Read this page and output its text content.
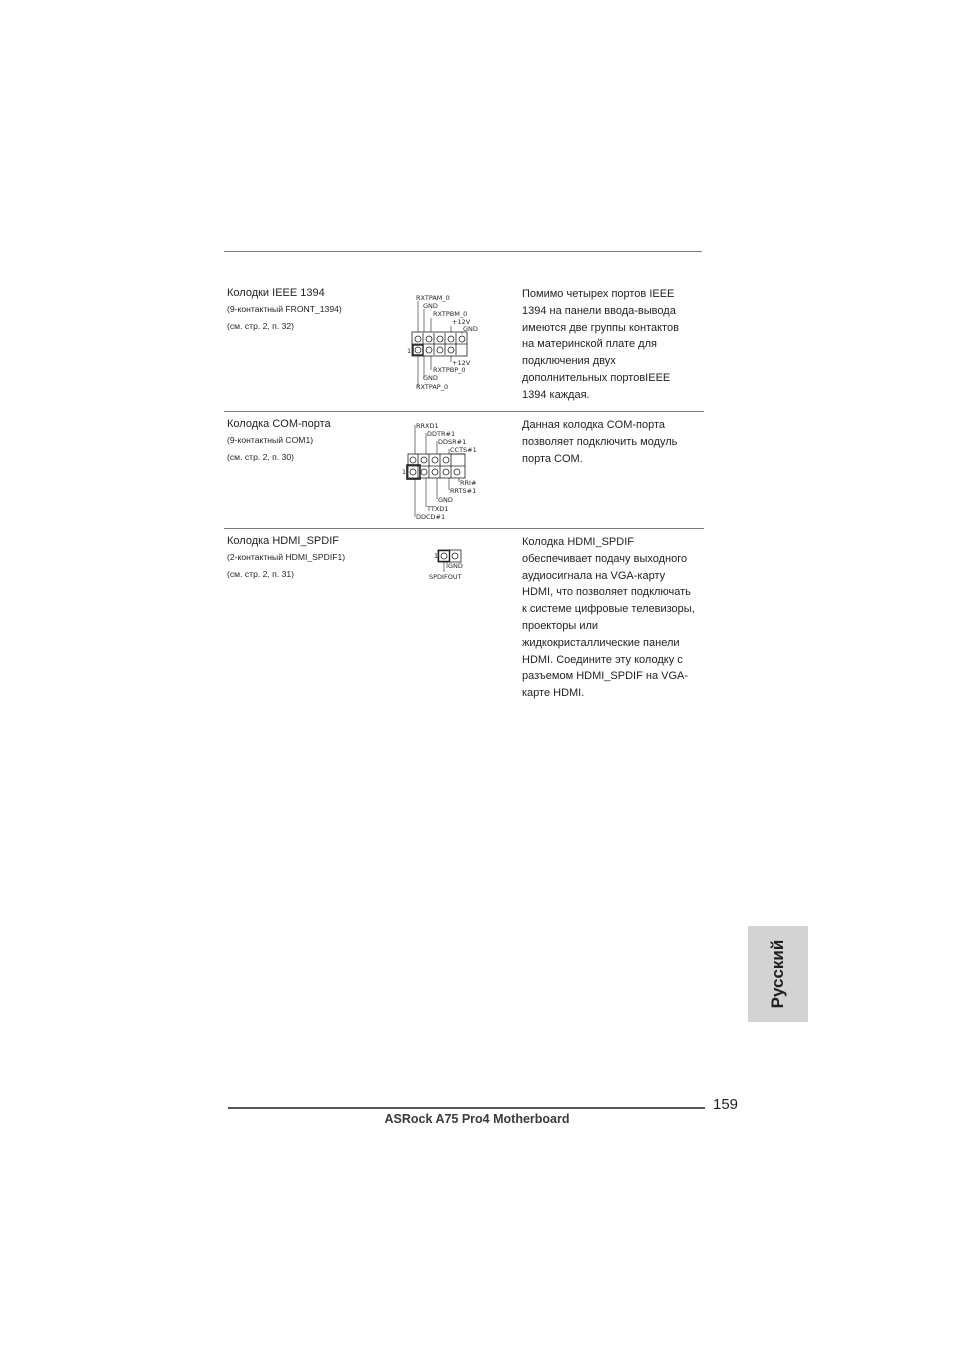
Колодки IEEE 1394
(9-контактный FRONT_1394)
(см. стр. 2, п. 32)
1
RXTPAM_0
GND
RXTPBM_0
+12V
GND
+12V
RXTPBP_0
GND
RXTPAP_0
Помимо четырех портов IEEE
1394 на панели ввода-вывода
имеются две группы контактов
на материнской плате для
подключения двух
дополнительных портовIEEE
1394 каждая.
Колодка COM-порта
(9-контактный COM1)
(см. стр. 2, п. 30)
1
RRXD1
DDTR#1
DDSR#1
CCTS#1
RRI#
RRTS#1
GND
TTXD1
DDCD#1
Данная колодка COM-порта
позволяет подключить модуль
порта COM.
Колодка HDMI_SPDIF
(2-контактный HDMI_SPDIF1)
(см. стр. 2, п. 31)
1
GND
SPDIFOUT
Колодка HDMI_SPDIF
обеспечивает подачу выходного
аудиосигнала на VGA-карту
HDMI, что позволяет подключать
к системе цифровые телевизоры,
проекторы или
жидкокристаллические панели
HDMI. Соедините эту колодку с
разъемом HDMI_SPDIF на VGA-
карте HDMI.
Русский
159
ASRock A75 Pro4 Motherboard
